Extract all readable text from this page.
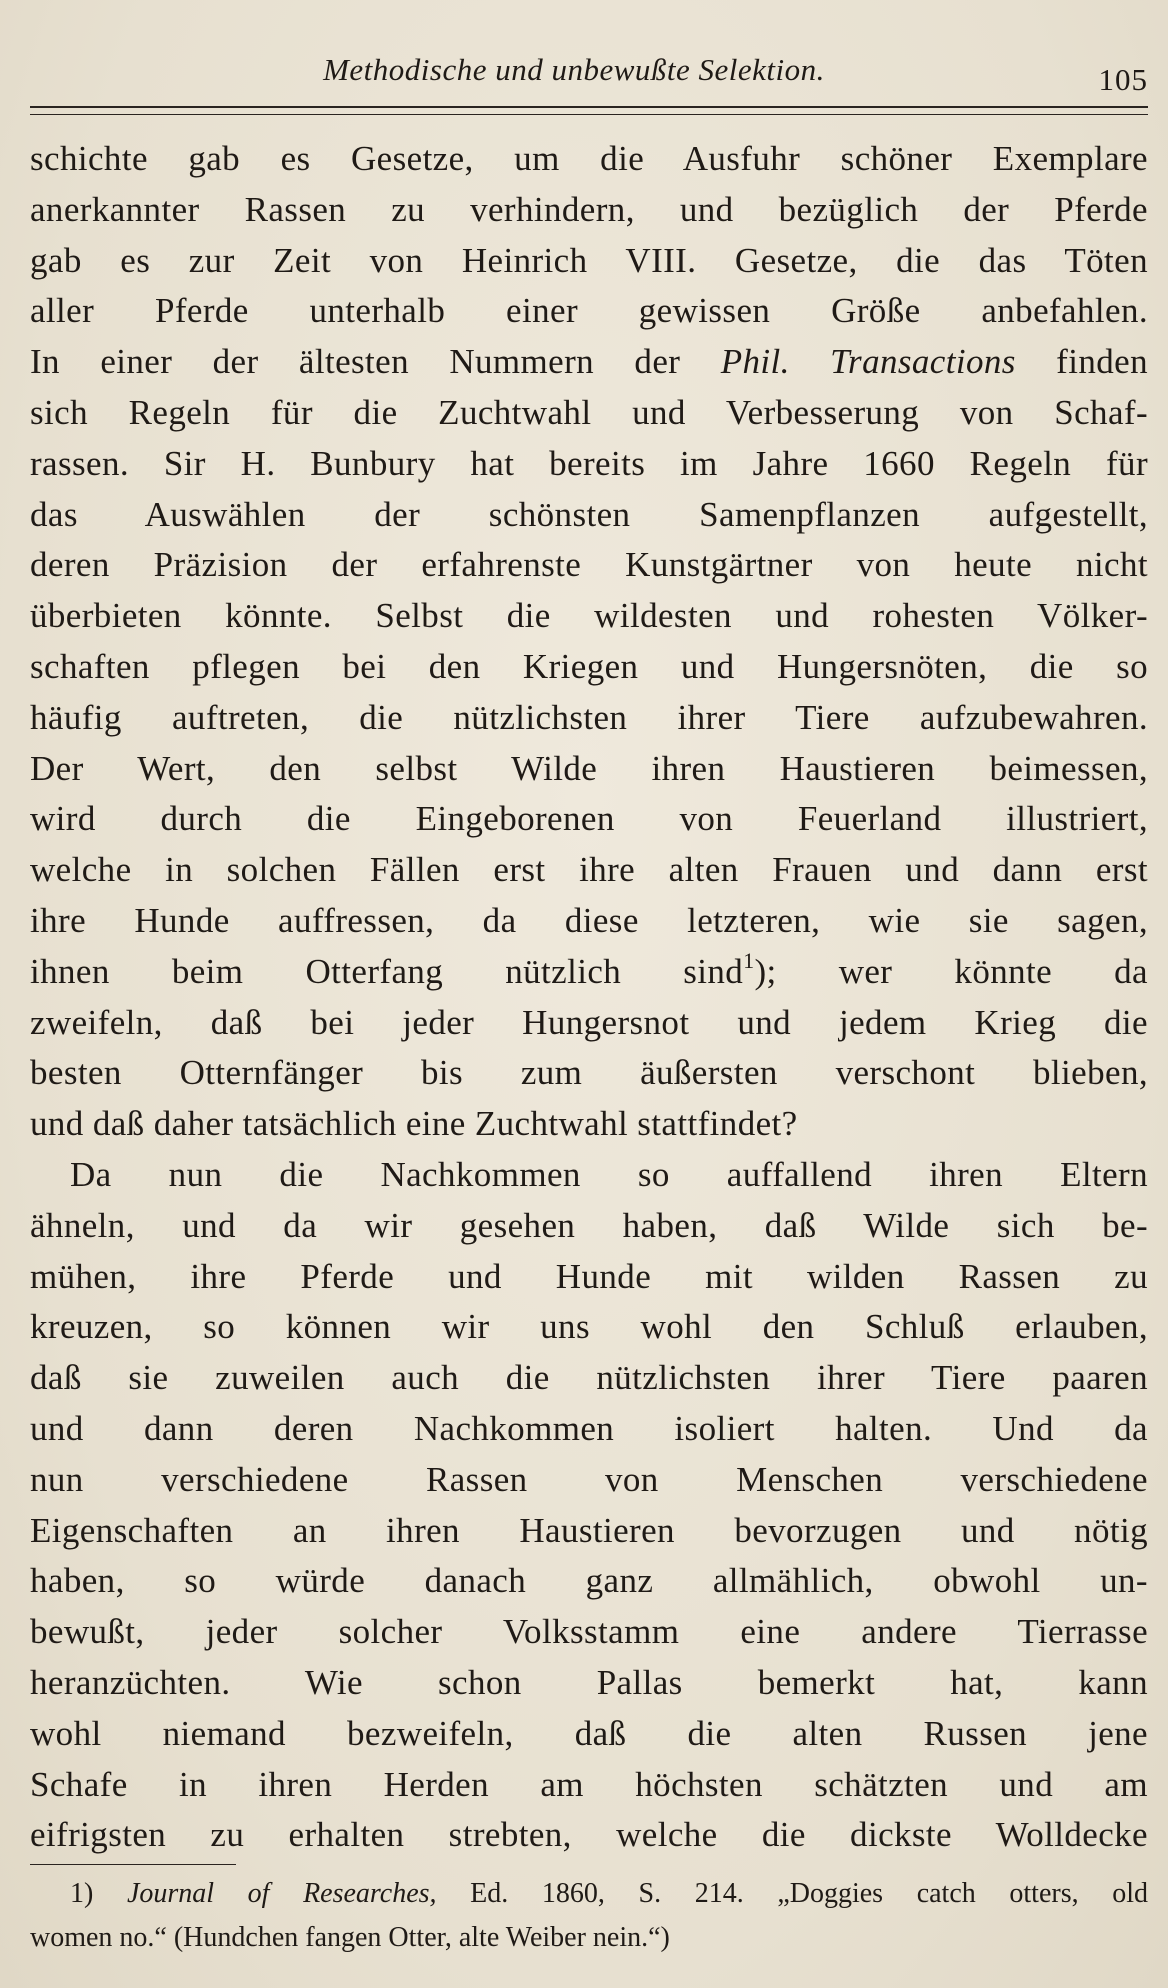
Methodische und unbewußte Selektion.	105
schichte gab es Gesetze, um die Ausfuhr schöner Exemplare
anerkannter Rassen zu verhindern, und bezüglich der Pferde
gab es zur Zeit von Heinrich VIII. Gesetze, die das Töten
aller Pferde unterhalb einer gewissen Größe anbefahlen.
In einer der ältesten Nummern der Phil. Transactions finden
sich Regeln für die Zuchtwahl und Verbesserung von Schaf-
rassen. Sir H. Bunbury hat bereits im Jahre 1660 Regeln für
das Auswählen der schönsten Samenpflanzen aufgestellt,
deren Präzision der erfahrenste Kunstgärtner von heute nicht
überbieten könnte. Selbst die wildesten und rohesten Völker-
schaften pflegen bei den Kriegen und Hungersnöten, die so
häufig auftreten, die nützlichsten ihrer Tiere aufzubewahren.
Der Wert, den selbst Wilde ihren Haustieren beimessen,
wird durch die Eingeborenen von Feuerland illustriert,
welche in solchen Fällen erst ihre alten Frauen und dann erst
ihre Hunde auffressen, da diese letzteren, wie sie sagen,
ihnen beim Otterfang nützlich sind$^1$); wer könnte da
zweifeln, daß bei jeder Hungersnot und jedem Krieg die
besten Otternfänger bis zum äußersten verschont blieben,
und daß daher tatsächlich eine Zuchtwahl stattfindet?
Da nun die Nachkommen so auffallend ihren Eltern
ähneln, und da wir gesehen haben, daß Wilde sich be-
mühen, ihre Pferde und Hunde mit wilden Rassen zu
kreuzen, so können wir uns wohl den Schluß erlauben,
daß sie zuweilen auch die nützlichsten ihrer Tiere paaren
und dann deren Nachkommen isoliert halten. Und da
nun verschiedene Rassen von Menschen verschiedene
Eigenschaften an ihren Haustieren bevorzugen und nötig
haben, so würde danach ganz allmählich, obwohl un-
bewußt, jeder solcher Volksstamm eine andere Tierrasse
heranzüchten. Wie schon Pallas bemerkt hat, kann
wohl niemand bezweifeln, daß die alten Russen jene
Schafe in ihren Herden am höchsten schätzten und am
eifrigsten zu erhalten strebten, welche die dickste Wolldecke
1) Journal of Researches, Ed. 1860, S. 214. „Doggies catch otters, old
women no.“ (Hundchen fangen Otter, alte Weiber nein.“)
